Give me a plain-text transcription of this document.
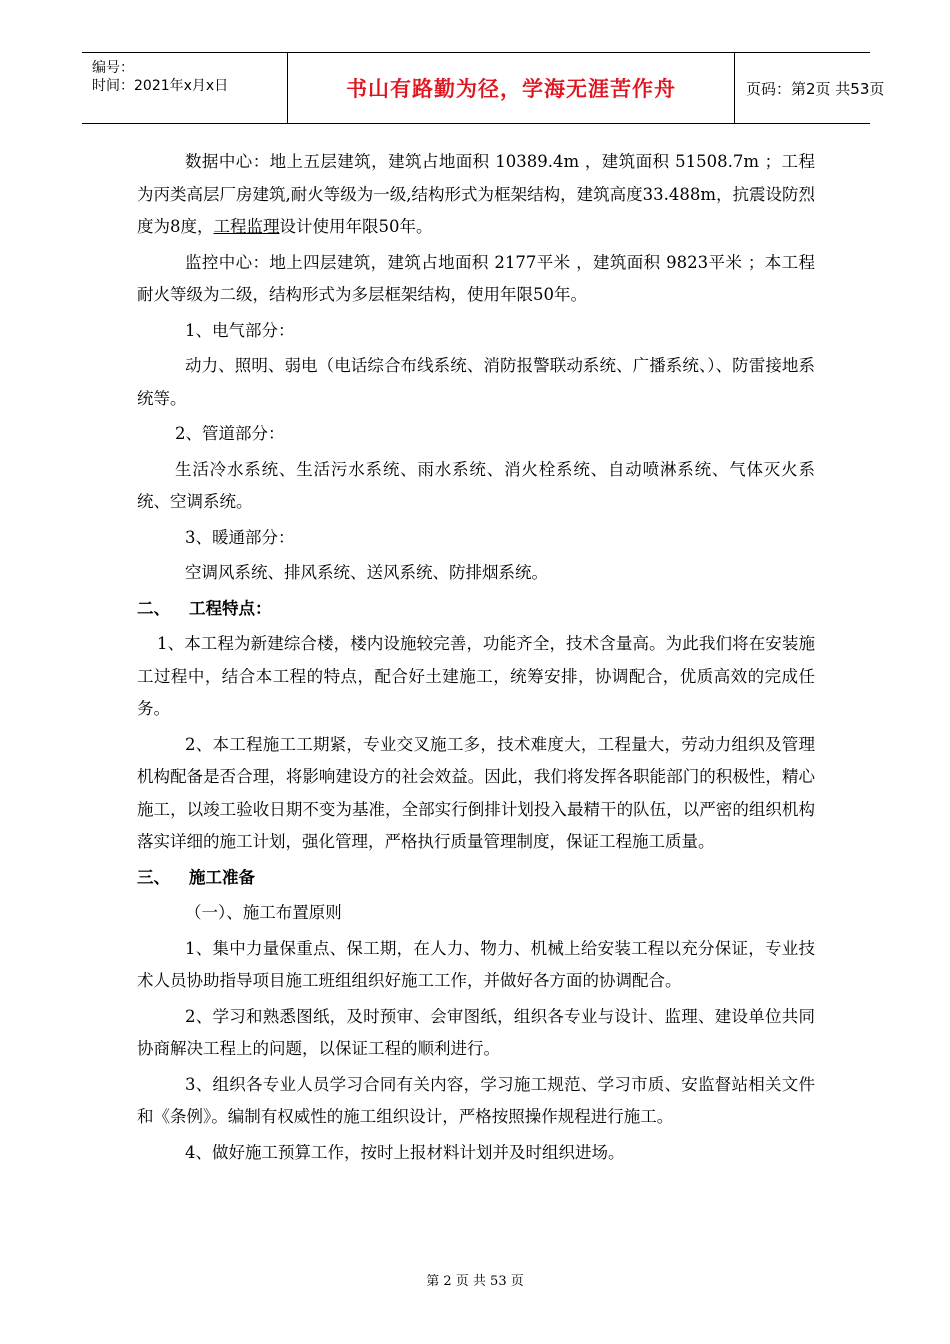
编号：
时间：2021年x月x日	书山有路勤为径，学海无涯苦作舟	页码：第2页 共53页

数据中心：地上五层建筑，建筑占地面积 10389.4m ，建筑面积 51508.7m ；工程为丙类高层厂房建筑,耐火等级为一级,结构形式为框架结构，建筑高度33.488m，抗震设防烈度为8度，工程监理设计使用年限50年。

监控中心：地上四层建筑，建筑占地面积 2177平米 ，建筑面积 9823平米 ；本工程耐火等级为二级，结构形式为多层框架结构，使用年限50年。

1、电气部分：

动力、照明、弱电（电话综合布线系统、消防报警联动系统、广播系统、）、防雷接地系统等。

2、管道部分：

生活冷水系统、生活污水系统、雨水系统、消火栓系统、自动喷淋系统、气体灭火系统、空调系统。

3、暖通部分：

空调风系统、排风系统、送风系统、防排烟系统。

二、 工程特点：

1、本工程为新建综合楼，楼内设施较完善，功能齐全，技术含量高。为此我们将在安装施工过程中，结合本工程的特点，配合好土建施工，统筹安排，协调配合，优质高效的完成任务。

2、本工程施工工期紧，专业交叉施工多，技术难度大，工程量大，劳动力组织及管理机构配备是否合理，将影响建设方的社会效益。因此，我们将发挥各职能部门的积极性，精心施工，以竣工验收日期不变为基准，全部实行倒排计划投入最精干的队伍，以严密的组织机构落实详细的施工计划，强化管理，严格执行质量管理制度，保证工程施工质量。

三、 施工准备

（一）、施工布置原则

1、集中力量保重点、保工期，在人力、物力、机械上给安装工程以充分保证，专业技术人员协助指导项目施工班组组织好施工工作，并做好各方面的协调配合。

2、学习和熟悉图纸，及时预审、会审图纸，组织各专业与设计、监理、建设单位共同协商解决工程上的问题，以保证工程的顺利进行。

3、组织各专业人员学习合同有关内容，学习施工规范、学习市质、安监督站相关文件和《条例》。编制有权威性的施工组织设计，严格按照操作规程进行施工。

4、做好施工预算工作，按时上报材料计划并及时组织进场。

第 2 页 共 53 页
